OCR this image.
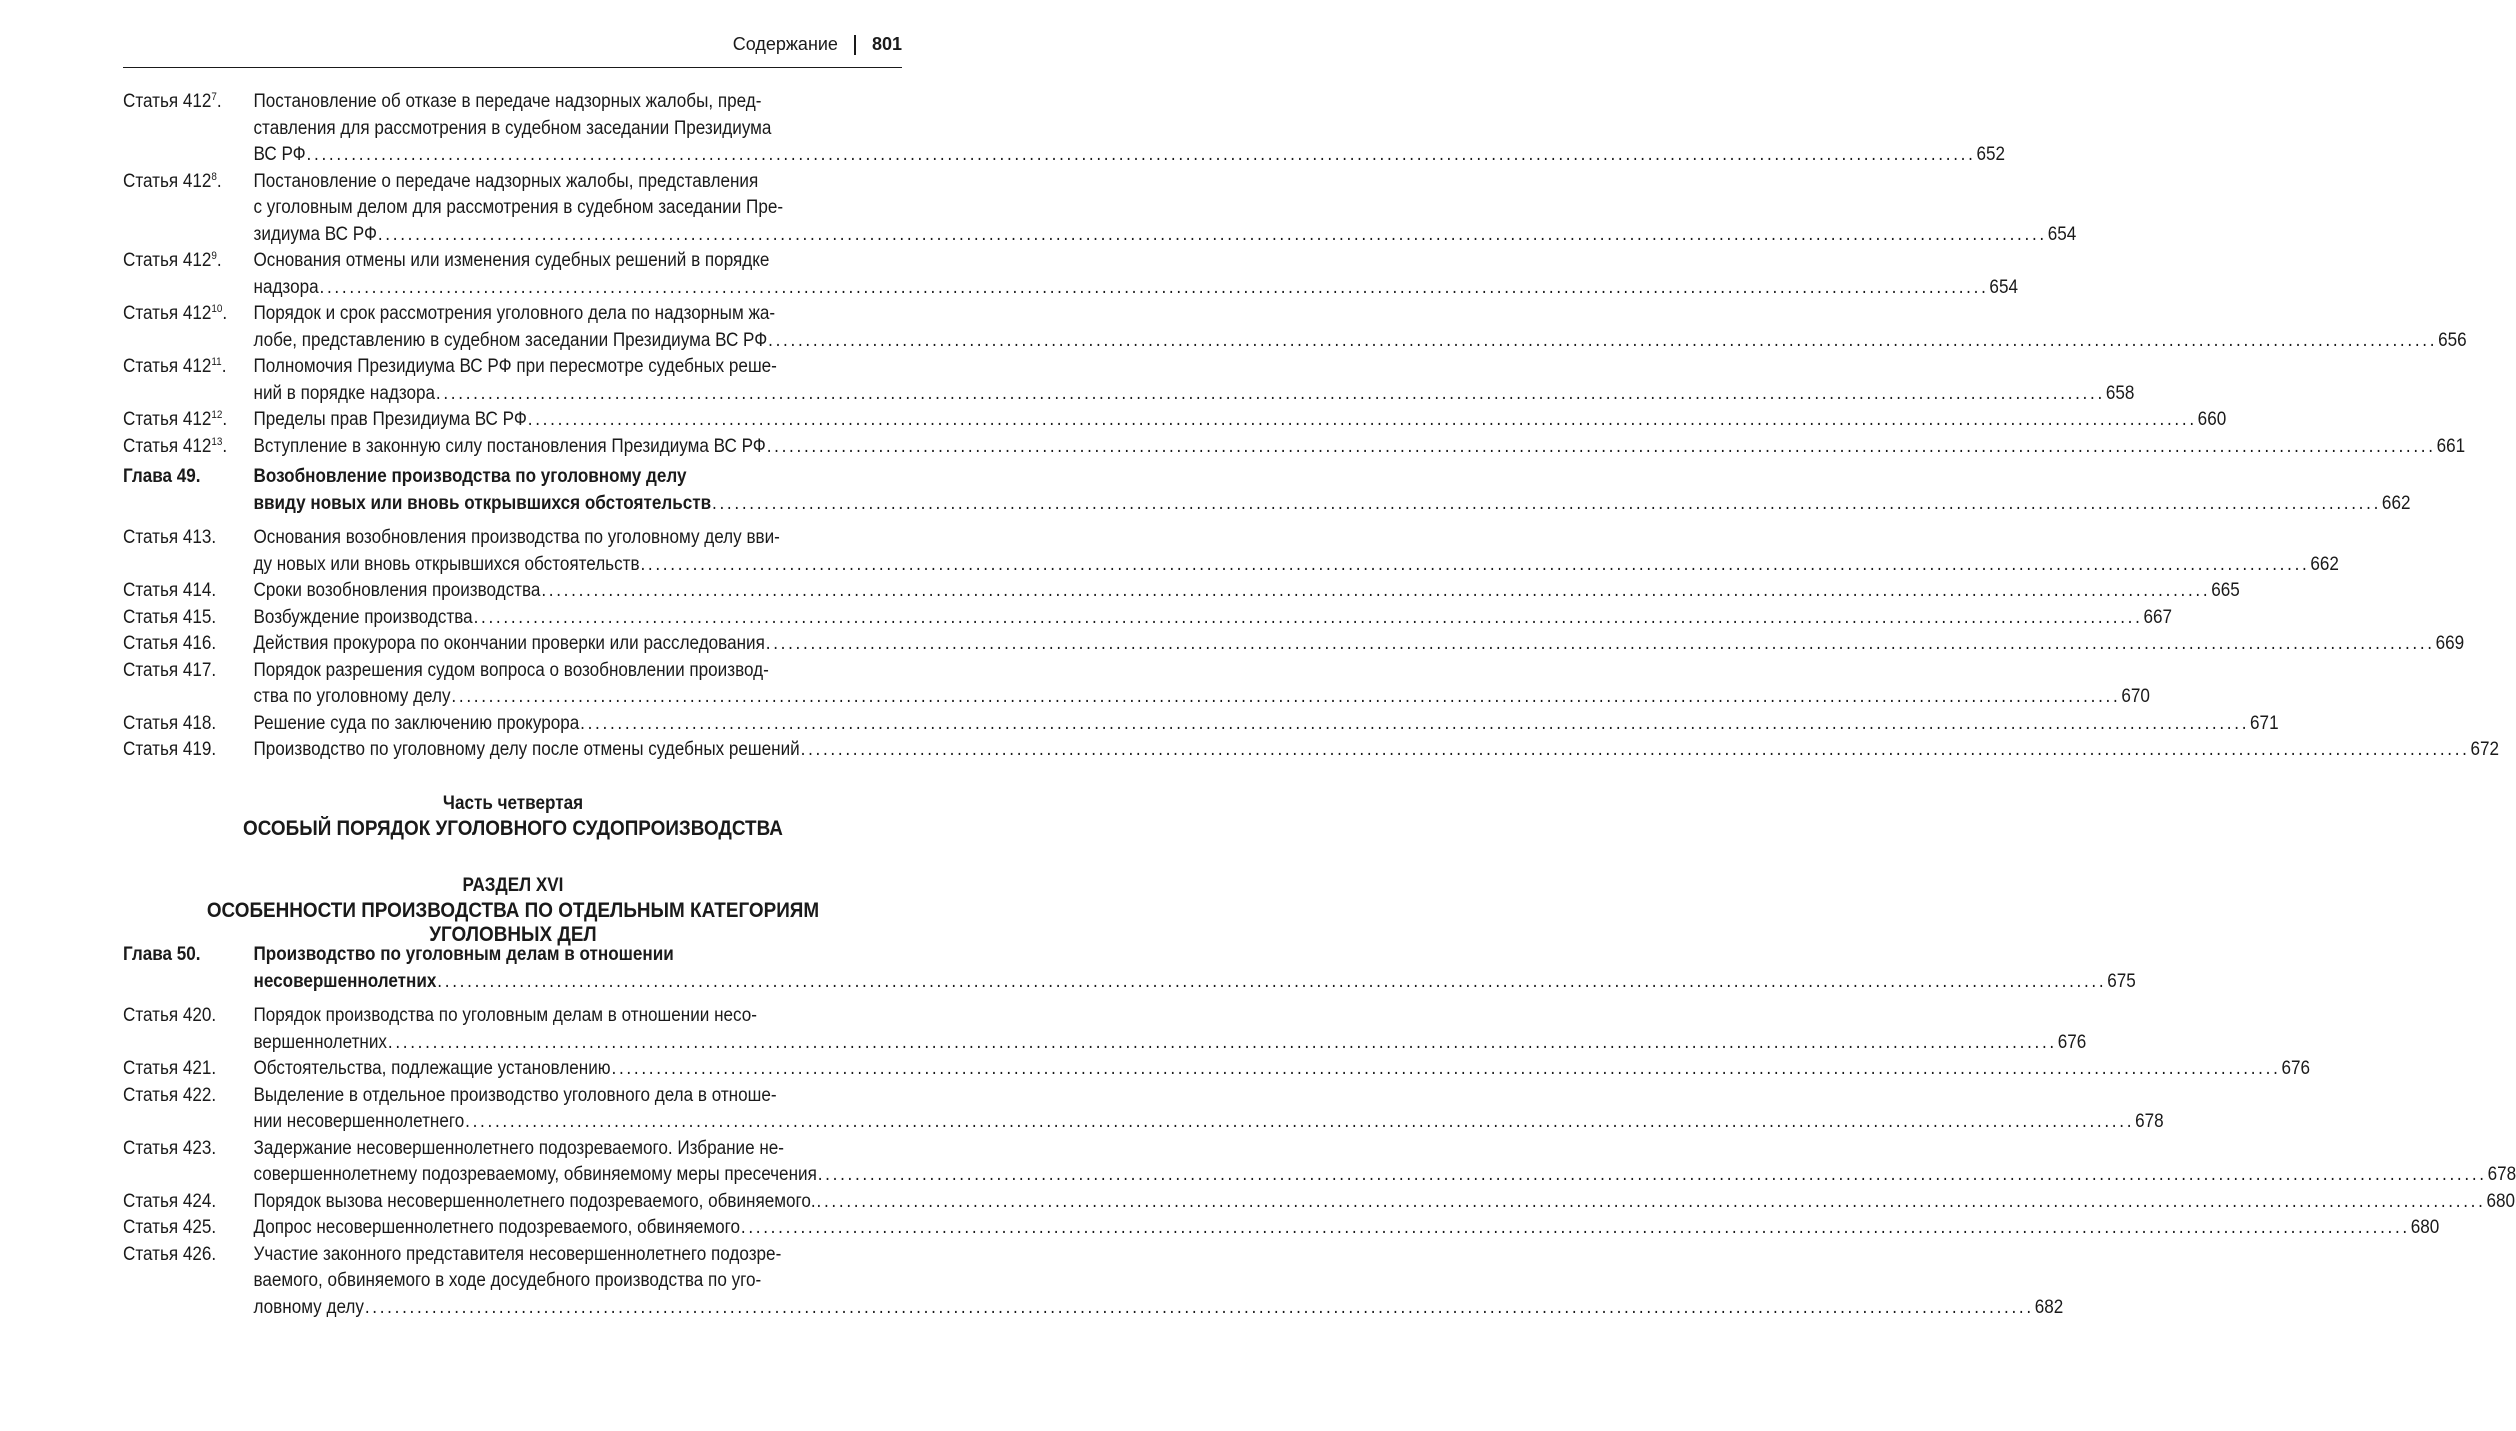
Содержание 801
Статья $412^7$.	Постановление об отказе в передаче надзорных жалобы, пред-
ставления для рассмотрения в судебном заседании Президиума
ВС РФ .....	652
Статья $412^8$.	Постановление о передаче надзорных жалобы, представления
с уголовным делом для рассмотрения в судебном заседании Пре-
зидиума ВС РФ .....	654
Статья $412^9$.	Основания отмены или изменения судебных решений в порядке
надзора .....	654
Статья $412^{10}$.	Порядок и срок рассмотрения уголовного дела по надзорным жа-
лобе, представлению в судебном заседании Президиума ВС РФ .....	656
Статья $412^{11}$.	Полномочия Президиума ВС РФ при пересмотре судебных реше-
ний в порядке надзора .....	658
Статья $412^{12}$.	Пределы прав Президиума ВС РФ .....	660
Статья $412^{13}$.	Вступление в законную силу постановления Президиума ВС РФ .....	661
Глава 49.	Возобновление производства по уголовному делу
ввиду новых или вновь открывшихся обстоятельств .....	662
Статья 413.	Основания возобновления производства по уголовному делу вви-
ду новых или вновь открывшихся обстоятельств .....	662
Статья 414.	Сроки возобновления производства .....	665
Статья 415.	Возбуждение производства .....	667
Статья 416.	Действия прокурора по окончании проверки или расследования .....	669
Статья 417.	Порядок разрешения судом вопроса о возобновлении производ-
ства по уголовному делу .....	670
Статья 418.	Решение суда по заключению прокурора .....	671
Статья 419.	Производство по уголовному делу после отмены судебных решений .....	672
Часть четвертая
ОСОБЫЙ ПОРЯДОК УГОЛОВНОГО СУДОПРОИЗВОДСТВА
РАЗДЕЛ XVI
ОСОБЕННОСТИ ПРОИЗВОДСТВА ПО ОТДЕЛЬНЫМ КАТЕГОРИЯМ УГОЛОВНЫХ ДЕЛ
Глава 50.	Производство по уголовным делам в отношении
несовершеннолетних .....	675
Статья 420.	Порядок производства по уголовным делам в отношении несо-
вершеннолетних .....	676
Статья 421.	Обстоятельства, подлежащие установлению .....	676
Статья 422.	Выделение в отдельное производство уголовного дела в отноше-
нии несовершеннолетнего .....	678
Статья 423.	Задержание несовершеннолетнего подозреваемого. Избрание не-
совершеннолетнему подозреваемому, обвиняемому меры пресечения .....	678
Статья 424.	Порядок вызова несовершеннолетнего подозреваемого, обвиняемого. .....	680
Статья 425.	Допрос несовершеннолетнего подозреваемого, обвиняемого .....	680
Статья 426.	Участие законного представителя несовершеннолетнего подозре-
ваемого, обвиняемого в ходе досудебного производства по уго-
ловному делу .....	682
